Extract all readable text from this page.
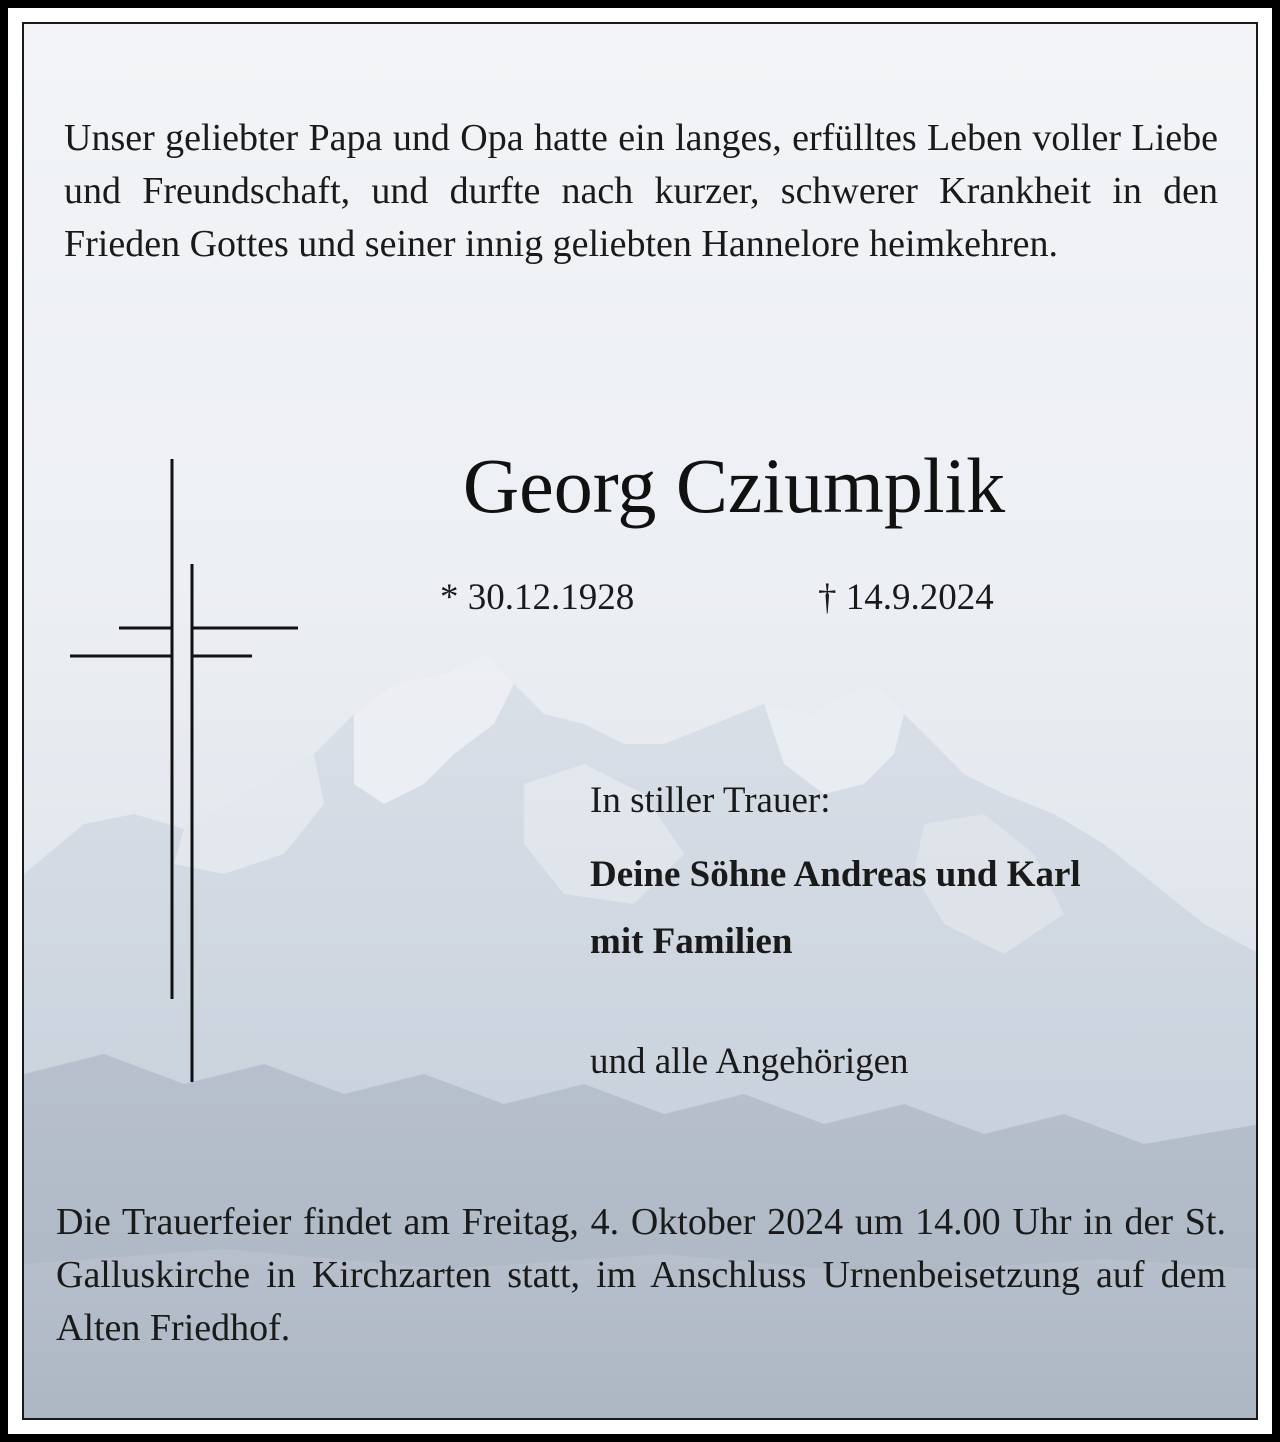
Unser geliebter Papa und Opa hatte ein langes, erfülltes Leben voller Liebe und Freundschaft, und durfte nach kurzer, schwerer Krankheit in den Frieden Gottes und seiner innig geliebten Hannelore heimkehren.

Georg Cziumplik
* 30.12.1928	† 14.9.2024
In stiller Trauer:
Deine Söhne Andreas und Karl
mit Familien
und alle Angehörigen

Die Trauerfeier findet am Freitag, 4. Oktober 2024 um 14.00 Uhr in der St. Galluskirche in Kirchzarten statt, im Anschluss Urnenbeisetzung auf dem Alten Friedhof.
